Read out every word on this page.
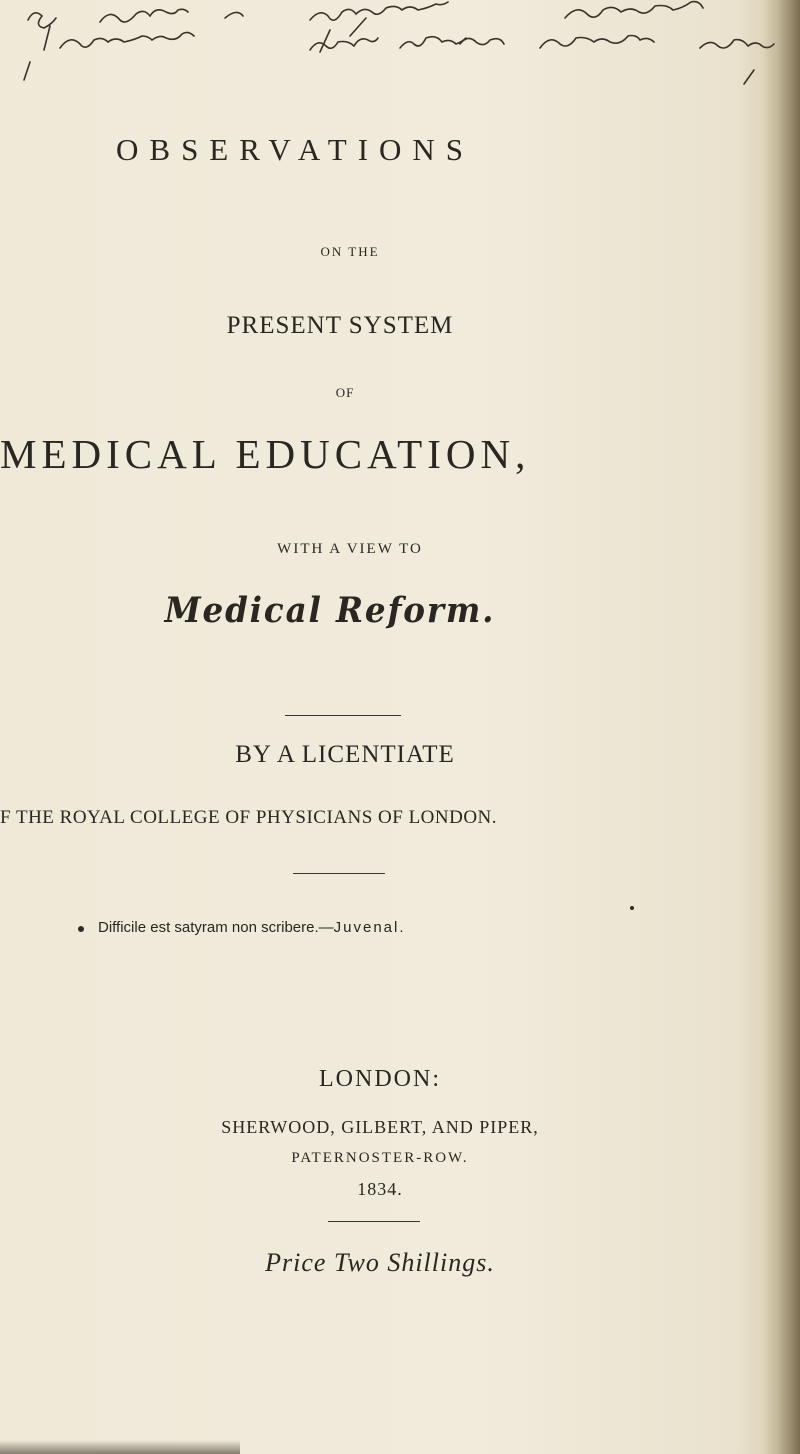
OBSERVATIONS
ON THE
PRESENT SYSTEM
OF
MEDICAL EDUCATION,
WITH A VIEW TO
Medical Reform.
BY A LICENTIATE
F THE ROYAL COLLEGE OF PHYSICIANS OF LONDON.
Difficile est satyram non scribere.—Juvenal.
LONDON:
SHERWOOD, GILBERT, AND PIPER,
PATERNOSTER-ROW.
1834.
Price Two Shillings.
